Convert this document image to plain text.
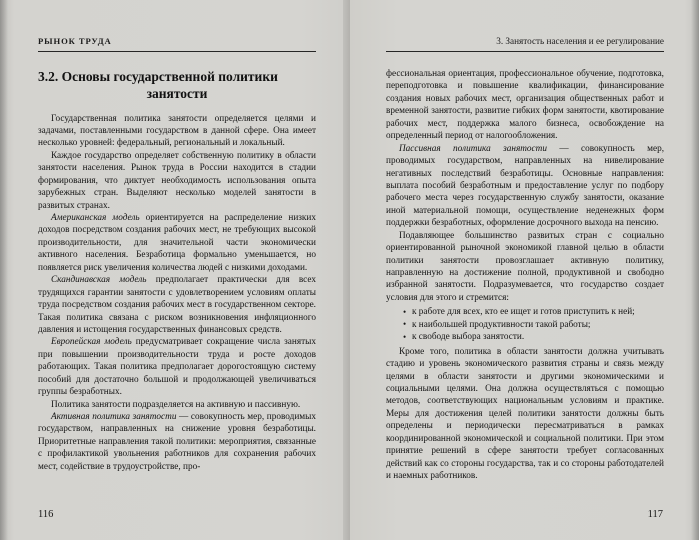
РЫНОК ТРУДА
3.2. Основы государственной политики
занятости

Государственная политика занятости определяется целями и задачами, поставленными государством в данной сфере. Она имеет несколько уровней: федеральный, региональный и локальный.

Каждое государство определяет собственную политику в области занятости населения. Рынок труда в России находится в стадии формирования, что диктует необходимость использования опыта зарубежных стран. Выделяют несколько моделей занятости в развитых странах.

Американская модель ориентируется на распределение низких доходов посредством создания рабочих мест, не требующих высокой производительности, для значительной части экономически активного населения. Безработица формально уменьшается, но появляется риск увеличения количества людей с низкими доходами.

Скандинавская модель предполагает практически для всех трудящихся гарантии занятости с удовлетворением условиям оплаты труда посредством создания рабочих мест в государственном секторе. Такая политика связана с риском возникновения инфляционного давления и истощения государственных финансовых средств.

Европейская модель предусматривает сокращение числа занятых при повышении производительности труда и росте доходов работающих. Такая политика предполагает дорогостоящую систему пособий для достаточно большой и продолжающей увеличиваться группы безработных.

Политика занятости подразделяется на активную и пассивную.

Активная политика занятости — совокупность мер, проводимых государством, направленных на снижение уровня безработицы. Приоритетные направления такой политики: мероприятия, связанные с профилактикой увольнения работников для сохранения рабочих мест, содействие в трудоустройстве, про-

116
3. Занятость населения и ее регулирование

фессиональная ориентация, профессиональное обучение, подготовка, переподготовка и повышение квалификации, финансирование создания новых рабочих мест, организация общественных работ и временной занятости, развитие гибких форм занятости, квотирование рабочих мест, поддержка малого бизнеса, освобождение на определенный период от налогообложения.

Пассивная политика занятости — совокупность мер, проводимых государством, направленных на нивелирование негативных последствий безработицы. Основные направления: выплата пособий безработным и предоставление услуг по подбору рабочего места через государственную службу занятости, оказание иной материальной помощи, осуществление неденежных форм поддержки безработных, оформление досрочного выхода на пенсию.

Подавляющее большинство развитых стран с социально ориентированной рыночной экономикой главной целью в области политики занятости провозглашает активную политику, направленную на достижение полной, продуктивной и свободно избранной занятости. Подразумевается, что государство создает условия для этого и стремится:

• к работе для всех, кто ее ищет и готов приступить к ней;
• к наибольшей продуктивности такой работы;
• к свободе выбора занятости.

Кроме того, политика в области занятости должна учитывать стадию и уровень экономического развития страны и связь между целями в области занятости и другими экономическими и социальными целями. Она должна осуществляться с помощью методов, соответствующих национальным условиям и практике. Меры для достижения целей политики занятости должны быть определены и периодически пересматриваться в рамках координированной экономической и социальной политики. При этом принятие решений в сфере занятости требует согласованных действий как со стороны государства, так и со стороны работодателей и наемных работников.

117
